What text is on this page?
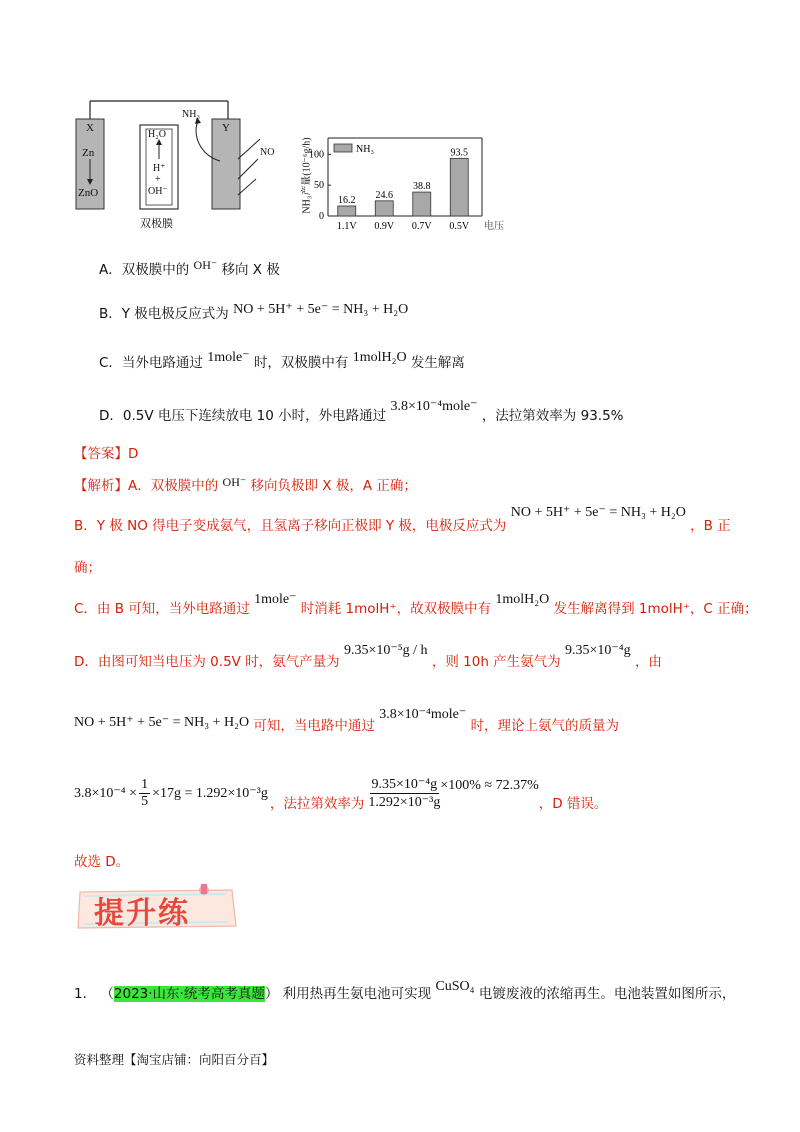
X
Zn
ZnO
H₂O
H⁺
+
OH⁻
Y
NH₃
NO
双极膜
0
50
100
16.2
1.1V
24.6
0.9V
38.8
0.7V
93.5
0.5V 电压
NH₃
NH₃产量(10⁻⁶g/h)
A．双极膜中的 OH⁻ 移向 X 极
B．Y 极电极反应式为 NO + 5H⁺ + 5e⁻ = NH₃ + H₂O
C．当外电路通过 1mole⁻ 时，双极膜中有 1molH₂O 发生解离
D．0.5V 电压下连续放电 10 小时，外电路通过 3.8×10⁻⁴mole⁻ ，法拉第效率为 93.5%
【答案】D
【解析】A．双极膜中的 OH⁻ 移向负极即 X 极，A 正确；
B．Y 极 NO 得电子变成氨气，且氢离子移向正极即 Y 极，电极反应式为 NO + 5H⁺ + 5e⁻ = NH₃ + H₂O ，B 正
确；
C．由 B 可知，当外电路通过 1mole⁻ 时消耗 1molH⁺，故双极膜中有 1molH₂O 发生解离得到 1molH⁺，C 正确；
D．由图可知当电压为 0.5V 时，氨气产量为 9.35×10⁻⁵g / h ，则 10h 产生氨气为 9.35×10⁻⁴g ，由
NO + 5H⁺ + 5e⁻ = NH₃ + H₂O 可知，当电路中通过 3.8×10⁻⁴mole⁻ 时，理论上氨气的质量为
$3.8\times 10^{-4} \times \frac{1}{5} \times 17g = 1.292\times 10^{-3}g$
，法拉第效率为 $\frac{\text{9.35×10⁻⁴g}}{\text{1.292×10⁻³g}} \times 100\% \approx 72.37\%$
，D 错误。
故选 D。
提升练
1． （2023·山东·统考高考真题） 利用热再生氨电池可实现 CuSO₄ 电镀废液的浓缩再生。电池装置如图所示，
资料整理【淘宝店铺：向阳百分百】
